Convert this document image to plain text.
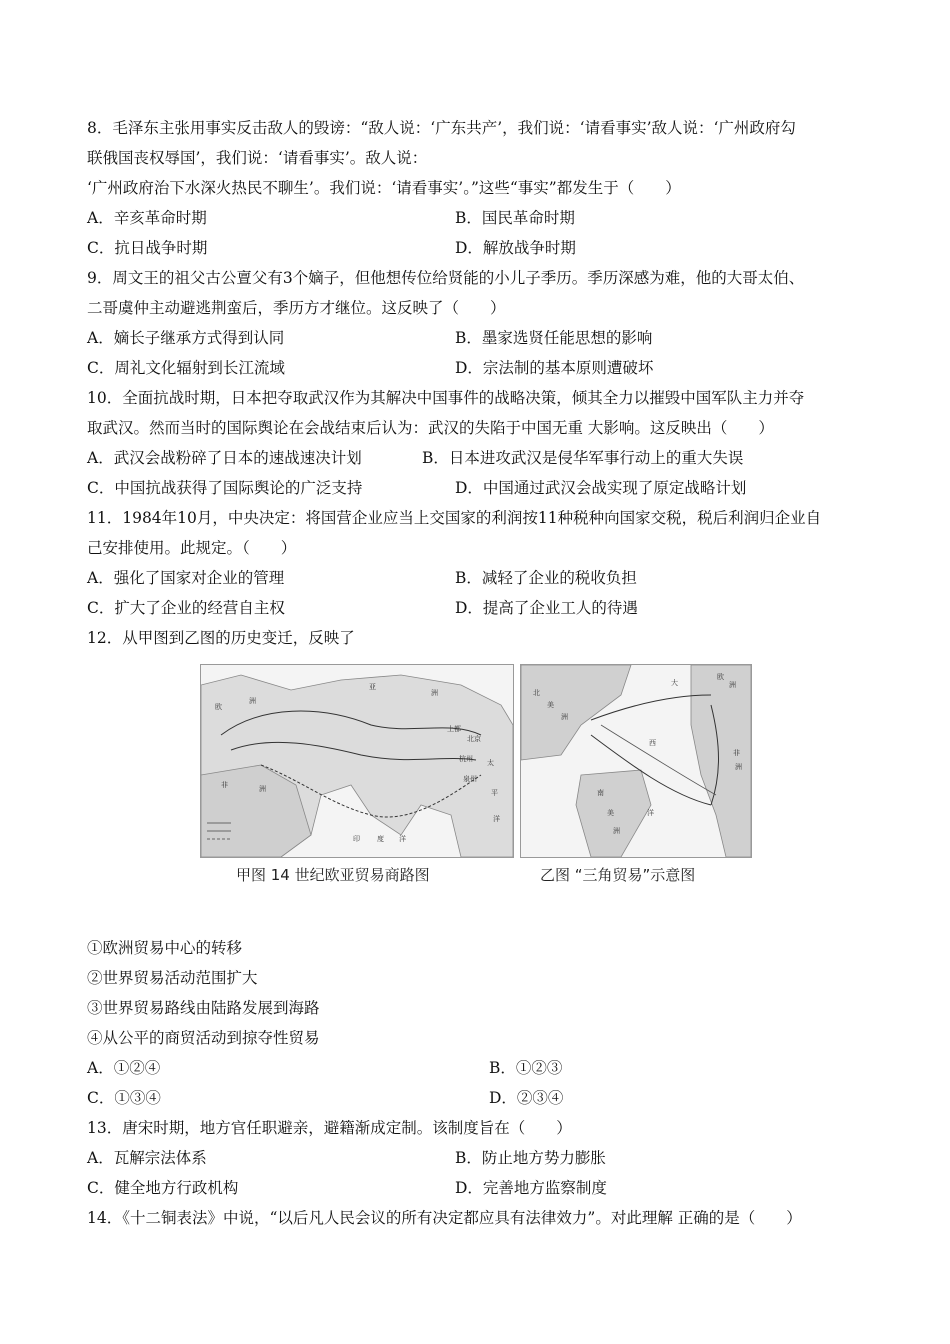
8．毛泽东主张用事实反击敌人的毁谤：“敌人说：‘广东共产’，我们说：‘请看事实’敌人说：‘广州政府勾
联俄国丧权辱国’，我们说：‘请看事实’。敌人说：
‘广州政府治下水深火热民不聊生’。我们说：‘请看事实’。”这些“事实”都发生于（　　）
A．辛亥革命时期	B．国民革命时期
C．抗日战争时期	D．解放战争时期
9．周文王的祖父古公亶父有3个嫡子，但他想传位给贤能的小儿子季历。季历深感为难，他的大哥太伯、
二哥虞仲主动避逃荆蛮后，季历方才继位。这反映了（　　）
A．嫡长子继承方式得到认同	B．墨家选贤任能思想的影响
C．周礼文化辐射到长江流域	D．宗法制的基本原则遭破坏
10．全面抗战时期，日本把夺取武汉作为其解决中国事件的战略决策，倾其全力以摧毁中国军队主力并夺
取武汉。然而当时的国际舆论在会战结束后认为：武汉的失陷于中国无重 大影响。这反映出（　　）
A．武汉会战粉碎了日本的速战速决计划	B．日本进攻武汉是侵华军事行动上的重大失误
C．中国抗战获得了国际舆论的广泛支持	D．中国通过武汉会战实现了原定战略计划
11．1984年10月，中央决定：将国营企业应当上交国家的利润按11种税种向国家交税，税后利润归企业自
己安排使用。此规定。（　　）
A．强化了国家对企业的管理	B．减轻了企业的税收负担
C．扩大了企业的经营自主权	D．提高了企业工人的待遇
12．从甲图到乙图的历史变迁，反映了
亚
洲
欧
洲
非	洲
印 度 洋
太
平
洋
上都
杭州
泉州
北京
大
西
洋
北
美
洲
非
洲
南
美
洲
欧
洲
甲图 14 世纪欧亚贸易商路图	乙图 “三角贸易”示意图
①欧洲贸易中心的转移
②世界贸易活动范围扩大
③世界贸易路线由陆路发展到海路
④从公平的商贸活动到掠夺性贸易
A．①②④	B．①②③
C．①③④	D．②③④
13．唐宋时期，地方官任职避亲，避籍渐成定制。该制度旨在（　　）
A．瓦解宗法体系	B．防止地方势力膨胀
C．健全地方行政机构	D．完善地方监察制度
14．《十二铜表法》中说，“以后凡人民会议的所有决定都应具有法律效力”。对此理解 正确的是（　　）
